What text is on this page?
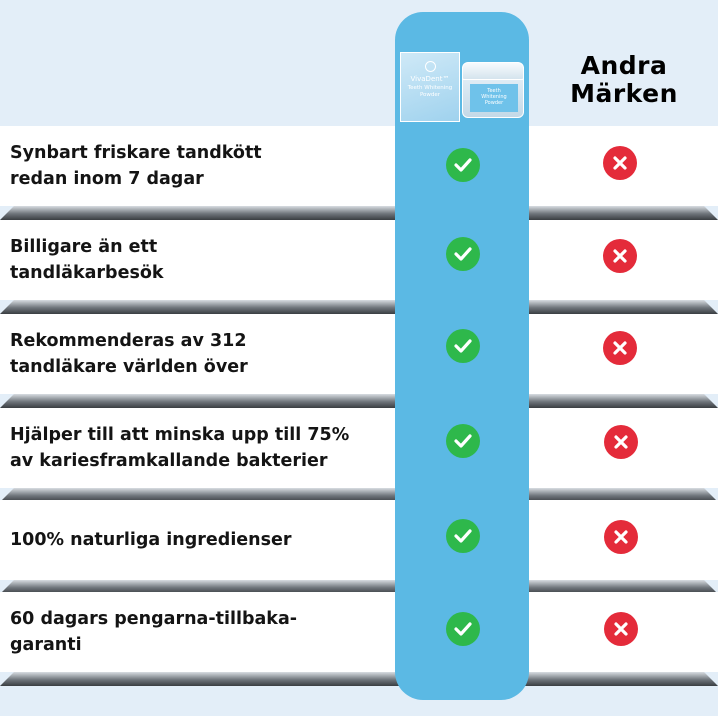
Synbart friskare tandkött
redan inom 7 dagar
Billigare än ett
tandläkarbesök
Rekommenderas av 312
tandläkare världen över
Hjälper till att minska upp till 75%
av kariesframkallande bakterier
100% naturliga ingredienser
60 dagars pengarna-tillbaka-
garanti
VivaDent™
Teeth Whitening
Powder
Teeth
Whitening
Powder
Andra
Märken
